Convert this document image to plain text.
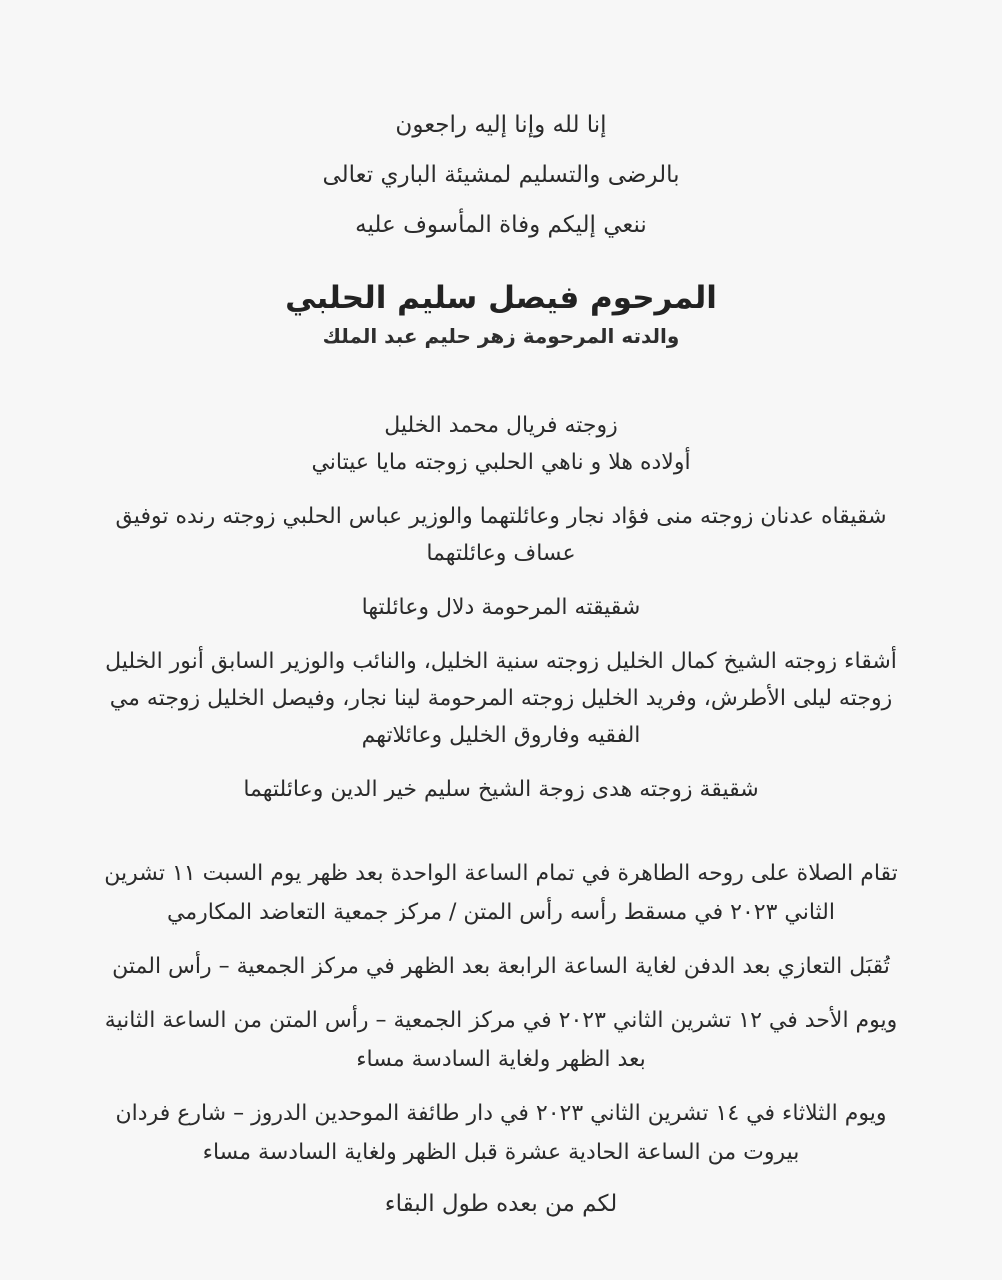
إنا لله وإنا إليه راجعون

بالرضى والتسليم لمشيئة الباري تعالى

ننعي إليكم وفاة المأسوف عليه

المرحوم فيصل سليم الحلبي

والدته المرحومة زهر حليم عبد الملك

زوجته فريال محمد الخليل

أولاده هلا و ناهي الحلبي زوجته مايا عيتاني

شقيقاه عدنان زوجته منى فؤاد نجار وعائلتهما والوزير عباس الحلبي زوجته رنده توفيق عساف وعائلتهما

شقيقته المرحومة دلال وعائلتها

أشقاء زوجته الشيخ كمال الخليل زوجته سنية الخليل، والنائب والوزير السابق أنور الخليل زوجته ليلى الأطرش، وفريد الخليل زوجته المرحومة لينا نجار، وفيصل الخليل زوجته مي الفقيه وفاروق الخليل وعائلاتهم

شقيقة زوجته هدى زوجة الشيخ سليم خير الدين وعائلتهما

تقام الصلاة على روحه الطاهرة في تمام الساعة الواحدة بعد ظهر يوم السبت ١١ تشرين الثاني ٢٠٢٣ في مسقط رأسه رأس المتن / مركز جمعية التعاضد المكارمي

تُقبَل التعازي بعد الدفن لغاية الساعة الرابعة بعد الظهر في مركز الجمعية – رأس المتن

ويوم الأحد في ١٢ تشرين الثاني ٢٠٢٣ في مركز الجمعية – رأس المتن من الساعة الثانية بعد الظهر ولغاية السادسة مساء

ويوم الثلاثاء في ١٤ تشرين الثاني ٢٠٢٣ في دار طائفة الموحدين الدروز – شارع فردان بيروت من الساعة الحادية عشرة قبل الظهر ولغاية السادسة مساء

لكم من بعده طول البقاء
